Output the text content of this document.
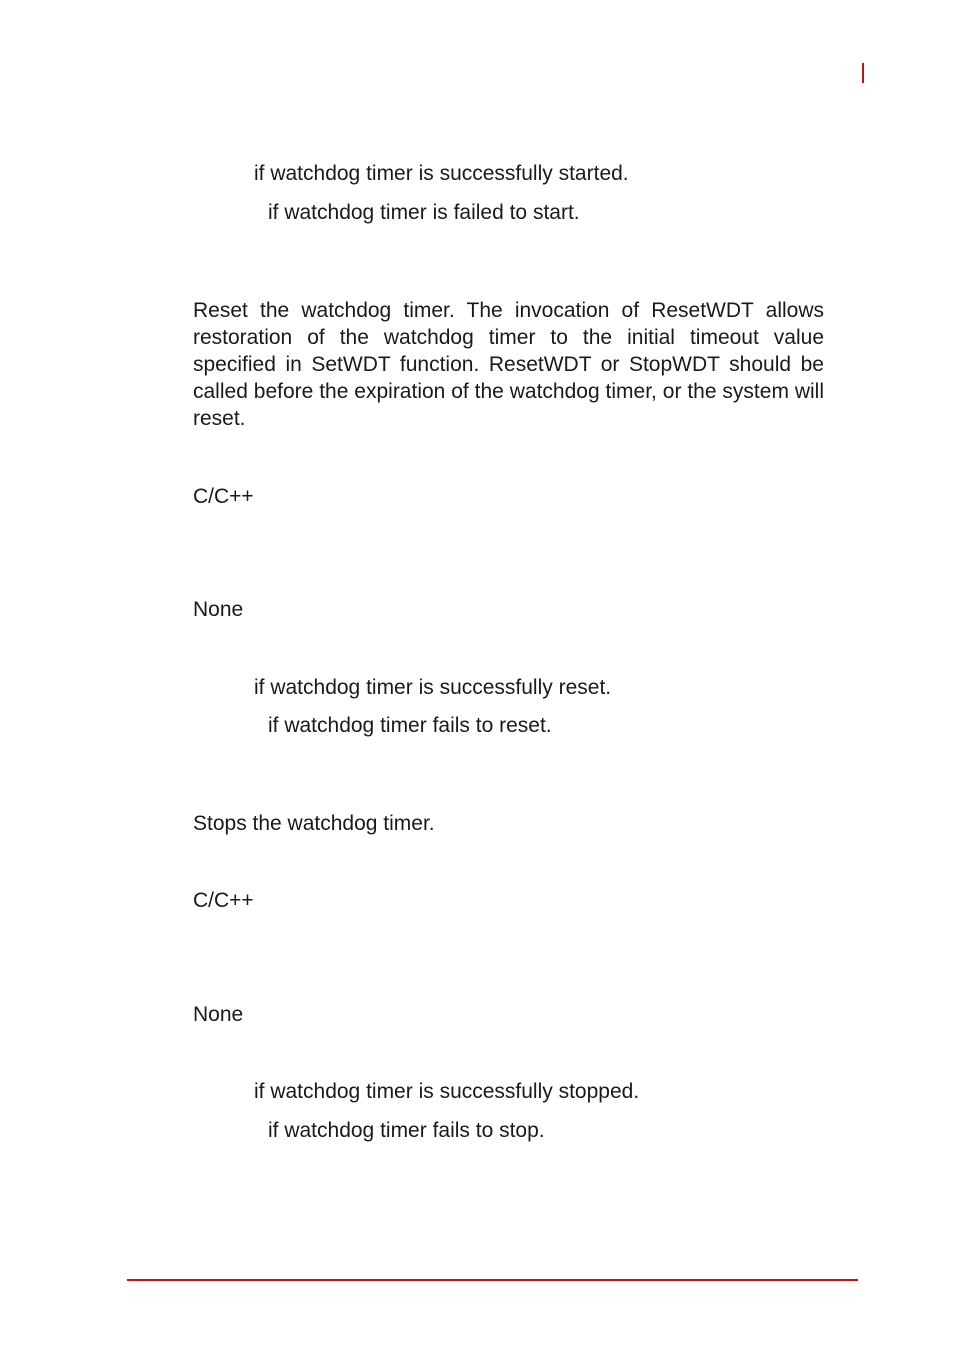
if watchdog timer is successfully started.
if watchdog timer is failed to start.
Reset the watchdog timer. The invocation of ResetWDT allows restoration of the watchdog timer to the initial timeout value specified in SetWDT function. ResetWDT or StopWDT should be called before the expiration of the watchdog timer, or the system will reset.
C/C++
None
if watchdog timer is successfully reset.
if watchdog timer fails to reset.
Stops the watchdog timer.
C/C++
None
if watchdog timer is successfully stopped.
if watchdog timer fails to stop.
